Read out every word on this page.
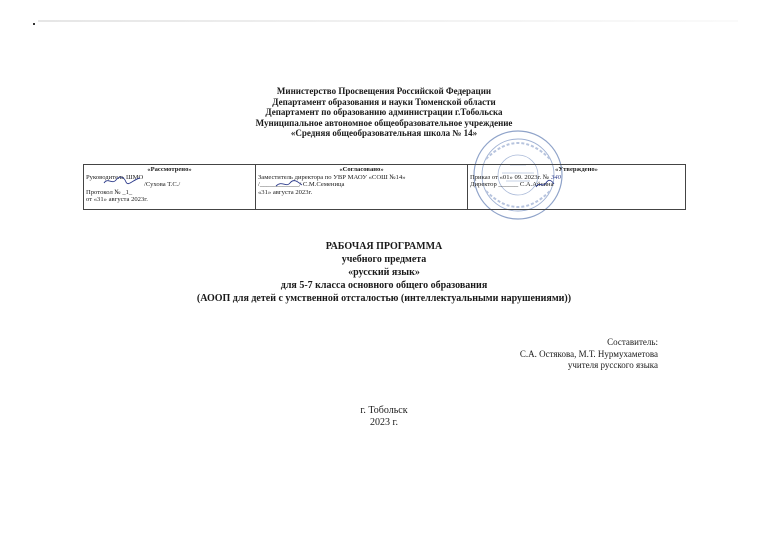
Министерство Просвещения Российской Федерации
Департамент образования и науки Тюменской области
Департамент по образованию администрации г.Тобольска
Муниципальное автономное общеобразовательное учреждение
«Средняя общеобразовательная школа № 14»
«Рассмотрено»
Руководитель ШМО
/Сухова Т.С./
Протокол № _1_
от «31» августа 2023г.
«Согласовано»
Заместитель директора по УВР МАОУ «СОШ №14»
/____________/ С.М.Семеница
«31» августа 2023г.
«Утверждено»
Приказ от «01» 09. 2023г. № 340
Директор ______ С.А.Айсина
РАБОЧАЯ ПРОГРАММА
учебного предмета
«русский язык»
для 5-7 класса основного общего образования
(АООП для детей с умственной отсталостью (интеллектуальными нарушениями))
Составитель:
С.А. Остякова, М.Т. Нурмухаметова
учителя русского языка
г. Тобольск
2023 г.
